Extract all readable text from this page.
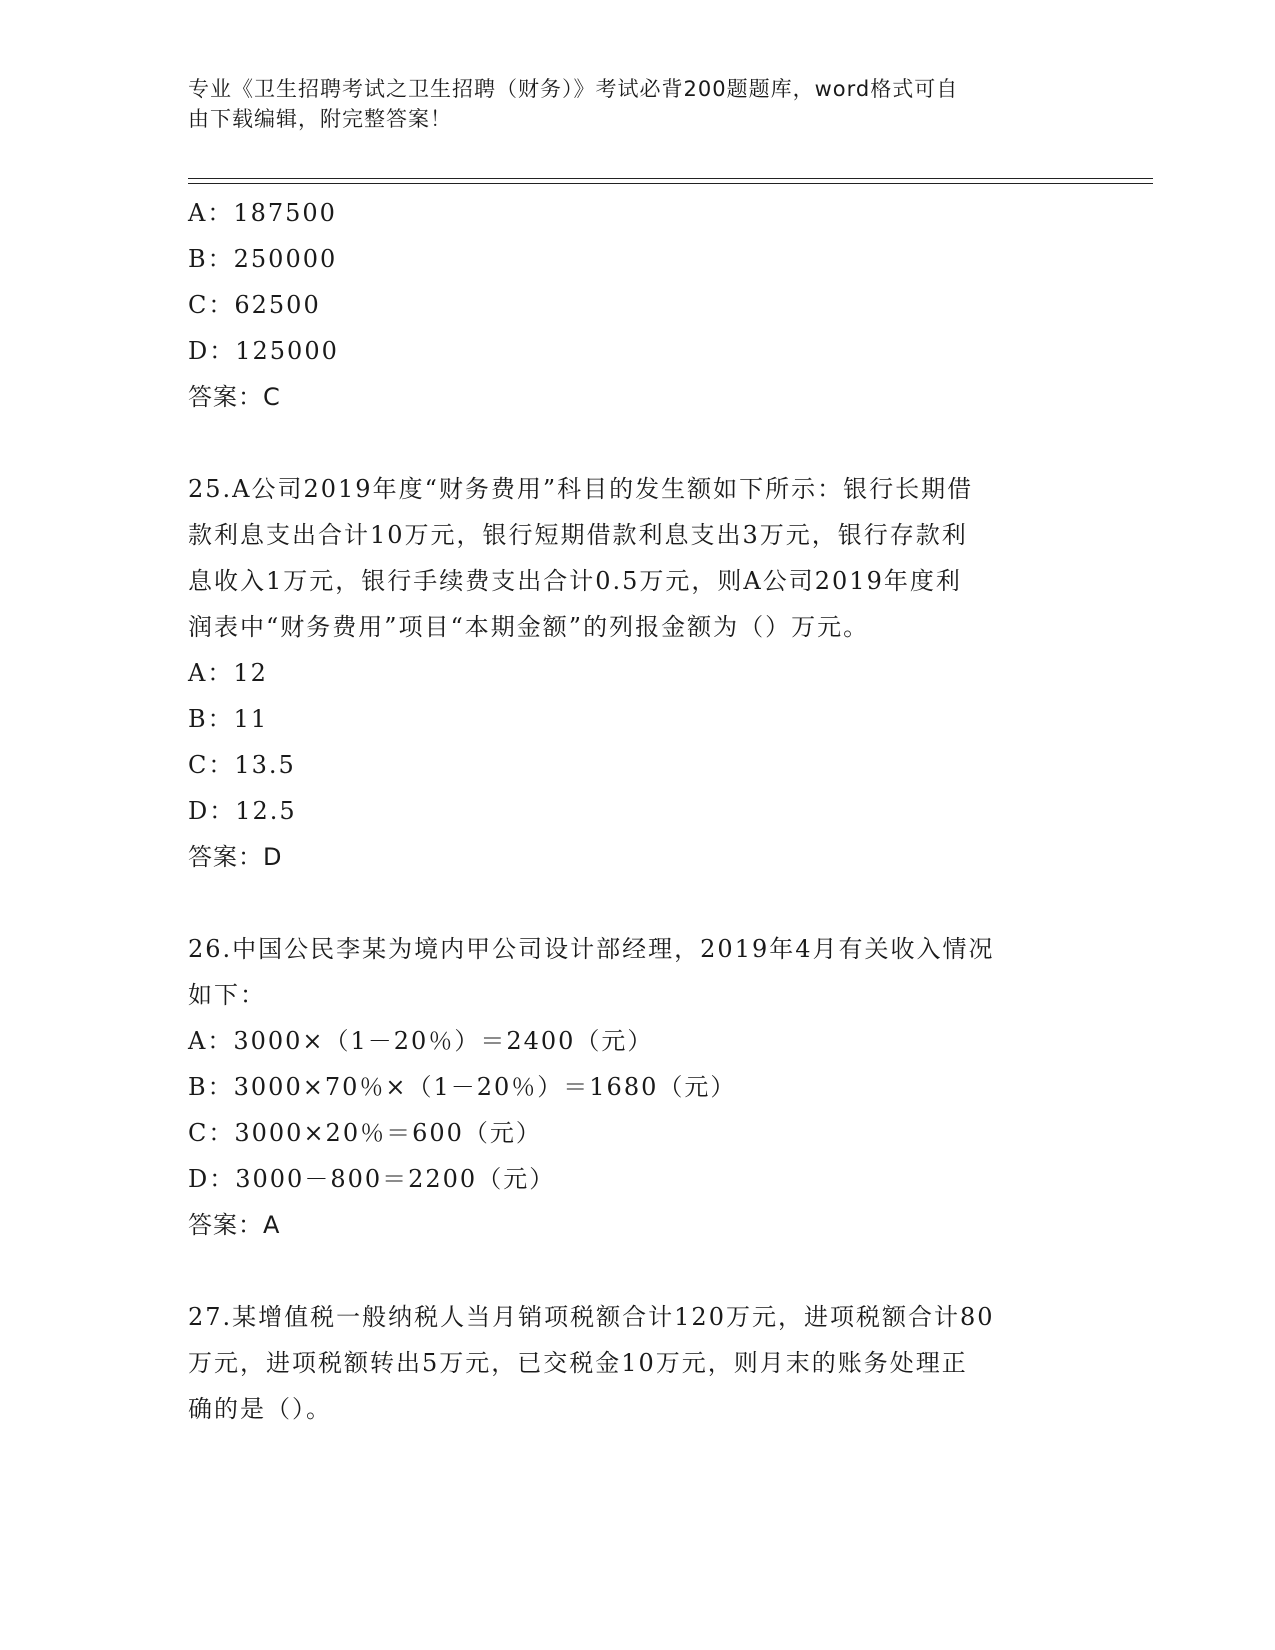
专业《卫生招聘考试之卫生招聘（财务）》考试必背200题题库，word格式可自
由下载编辑，附完整答案！
A：187500
B：250000
C：62500
D：125000
答案：C
25.A公司2019年度“财务费用”科目的发生额如下所示：银行长期借
款利息支出合计10万元，银行短期借款利息支出3万元，银行存款利
息收入1万元，银行手续费支出合计0.5万元，则A公司2019年度利
润表中“财务费用”项目“本期金额”的列报金额为（）万元。
A：12
B：11
C：13.5
D：12.5
答案：D
26.中国公民李某为境内甲公司设计部经理，2019年4月有关收入情况
如下：
A：3000×（1－20％）＝2400（元）
B：3000×70％×（1－20％）＝1680（元）
C：3000×20％＝600（元）
D：3000－800＝2200（元）
答案：A
27.某增值税一般纳税人当月销项税额合计120万元，进项税额合计80
万元，进项税额转出5万元，已交税金10万元，则月末的账务处理正
确的是（）。
